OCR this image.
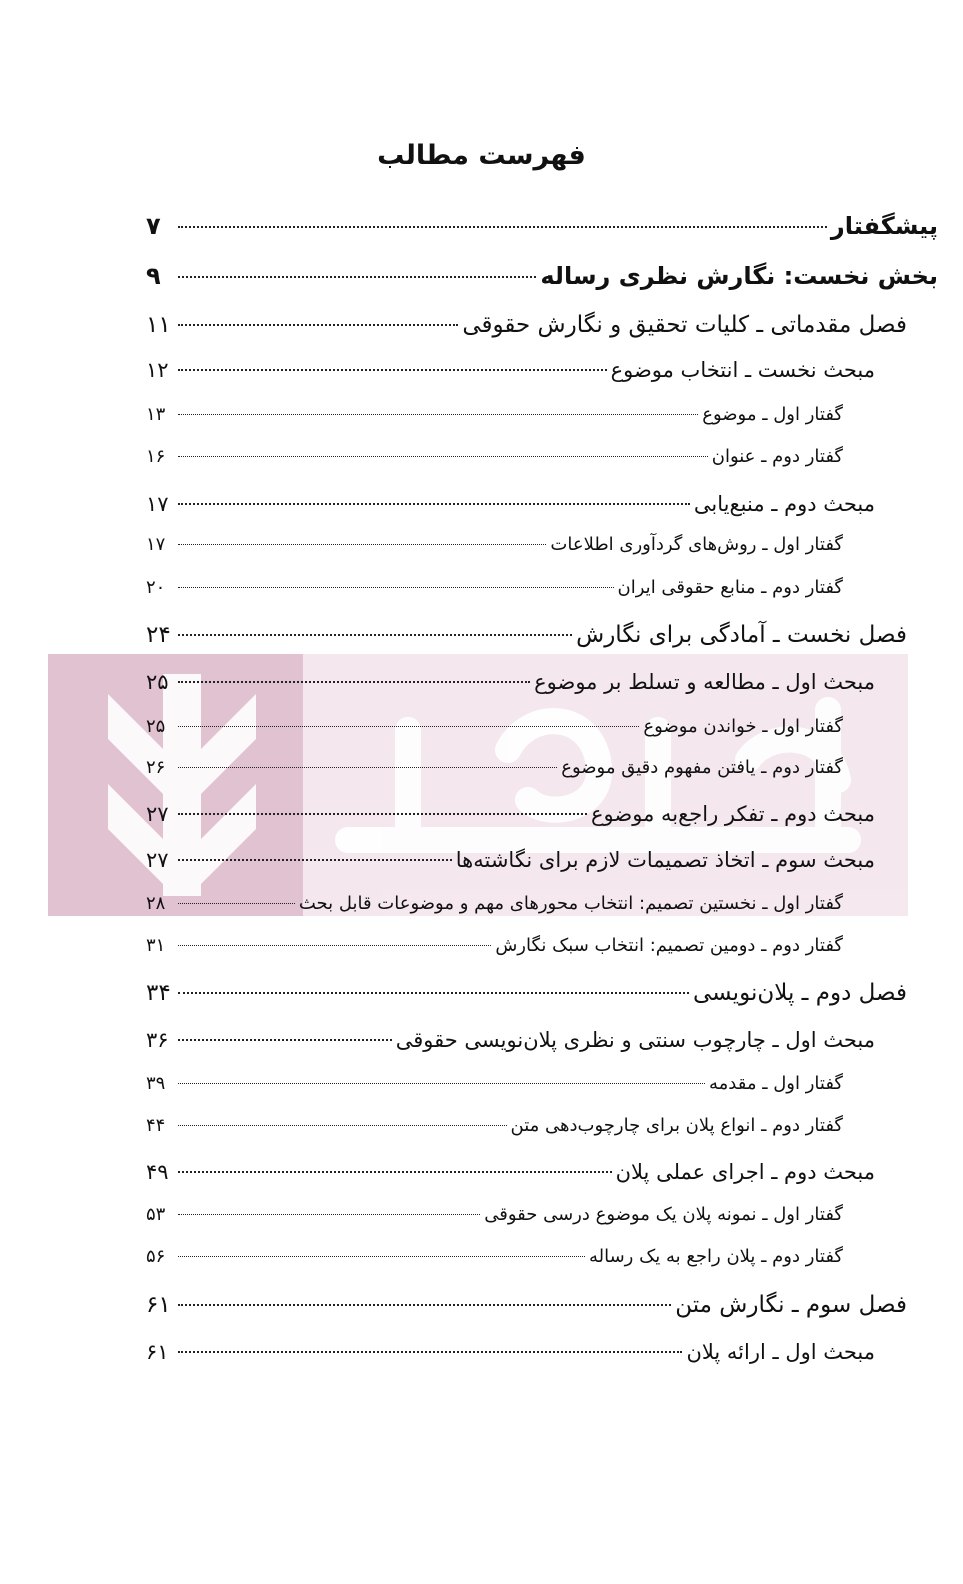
فهرست مطالب
پیشگفتار
۷
بخش نخست: نگارش نظری رساله
۹
فصل مقدماتی ـ کلیات تحقیق و نگارش حقوقی
۱۱
مبحث نخست ـ انتخاب موضوع
۱۲
گفتار اول ـ موضوع
۱۳
گفتار دوم ـ عنوان
۱۶
مبحث دوم ـ منبع‌یابی
۱۷
گفتار اول ـ روش‌های گردآوری اطلاعات
۱۷
گفتار دوم ـ منابع حقوقی ایران
۲۰
فصل نخست ـ آمادگی برای نگارش
۲۴
مبحث اول ـ مطالعه و تسلط بر موضوع
۲۵
گفتار اول ـ خواندن موضوع
۲۵
گفتار دوم ـ یافتن مفهوم دقیق موضوع
۲۶
مبحث دوم ـ تفکر راجع‌به موضوع
۲۷
مبحث سوم ـ اتخاذ تصمیمات لازم برای نگاشته‌ها
۲۷
گفتار اول ـ نخستین تصمیم: انتخاب محورهای مهم و موضوعات قابل بحث
۲۸
گفتار دوم ـ دومین تصمیم: انتخاب سبک نگارش
۳۱
فصل دوم ـ پلان‌نویسی
۳۴
مبحث اول ـ چارچوب سنتی و نظری پلان‌نویسی حقوقی
۳۶
گفتار اول ـ مقدمه
۳۹
گفتار دوم ـ انواع پلان برای چارچوب‌دهی متن
۴۴
مبحث دوم ـ اجرای عملی پلان
۴۹
گفتار اول ـ نمونه پلان یک موضوع درسی حقوقی
۵۳
گفتار دوم ـ پلان راجع به یک رساله
۵۶
فصل سوم ـ نگارش متن
۶۱
مبحث اول ـ ارائه پلان
۶۱
